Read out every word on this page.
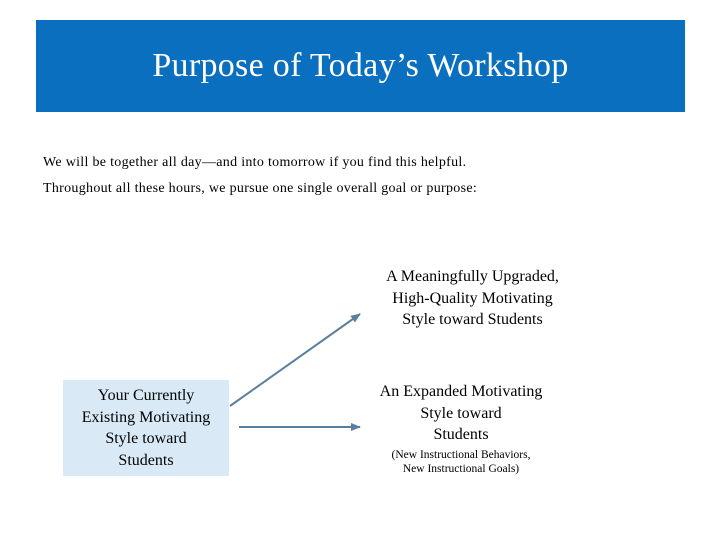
Purpose of Today’s Workshop

We will be together all day—and into tomorrow if you find this helpful.

Throughout all these hours, we pursue one single overall goal or purpose:

Your Currently
Existing Motivating
Style toward
Students
A Meaningfully Upgraded,
High-Quality Motivating
Style toward Students
An Expanded Motivating
Style toward
Students
(New Instructional Behaviors,
New Instructional Goals)
